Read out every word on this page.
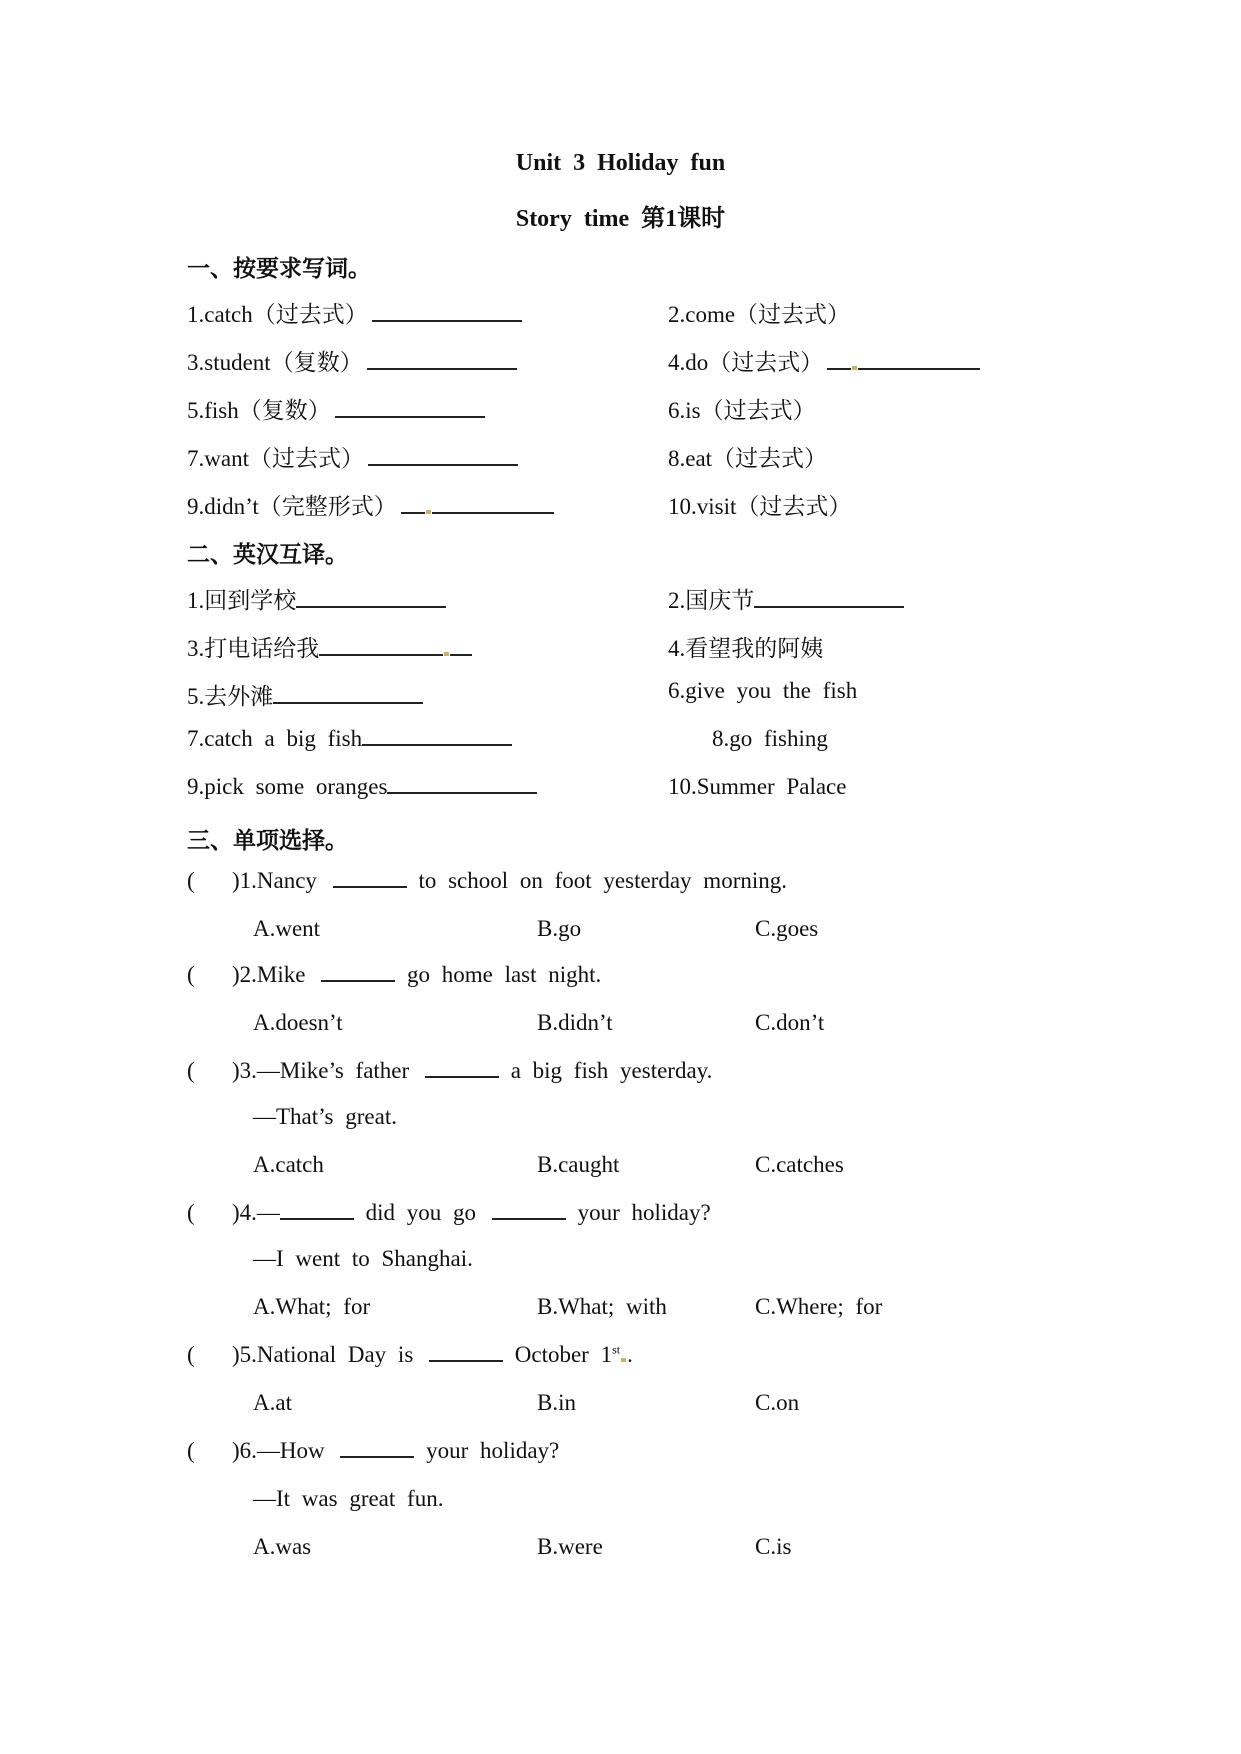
Unit 3 Holiday fun
Story time 第1课时
一、按要求写词。
1.catch（过去式）	2.come（过去式）
3.student（复数）	4.do（过去式）
5.fish（复数）	6.is（过去式）
7.want（过去式）	8.eat（过去式）
9.didn’t（完整形式）	10.visit（过去式）
二、英汉互译。
1.回到学校	2.国庆节
3.打电话给我	4.看望我的阿姨
5.去外滩	6.give you the fish
7.catch a big fish	8.go fishing
9.pick some oranges	10.Summer Palace
三、单项选择。
( )1.Nancy	to school on foot yesterday morning.
A.went	B.go	C.goes
( )2.Mike	go home last night.
A.doesn’t	B.didn’t	C.don’t
( )3.—Mike’s father	a big fish yesterday.
—That’s great.
A.catch	B.caught	C.catches
( )4.—	did you go	your holiday?
—I went to Shanghai.
A.What; for	B.What; with	C.Where; for
( )5.National Day is	October 1st .
A.at	B.in	C.on
( )6.—How	your holiday?
—It was great fun.
A.was	B.were	C.is
